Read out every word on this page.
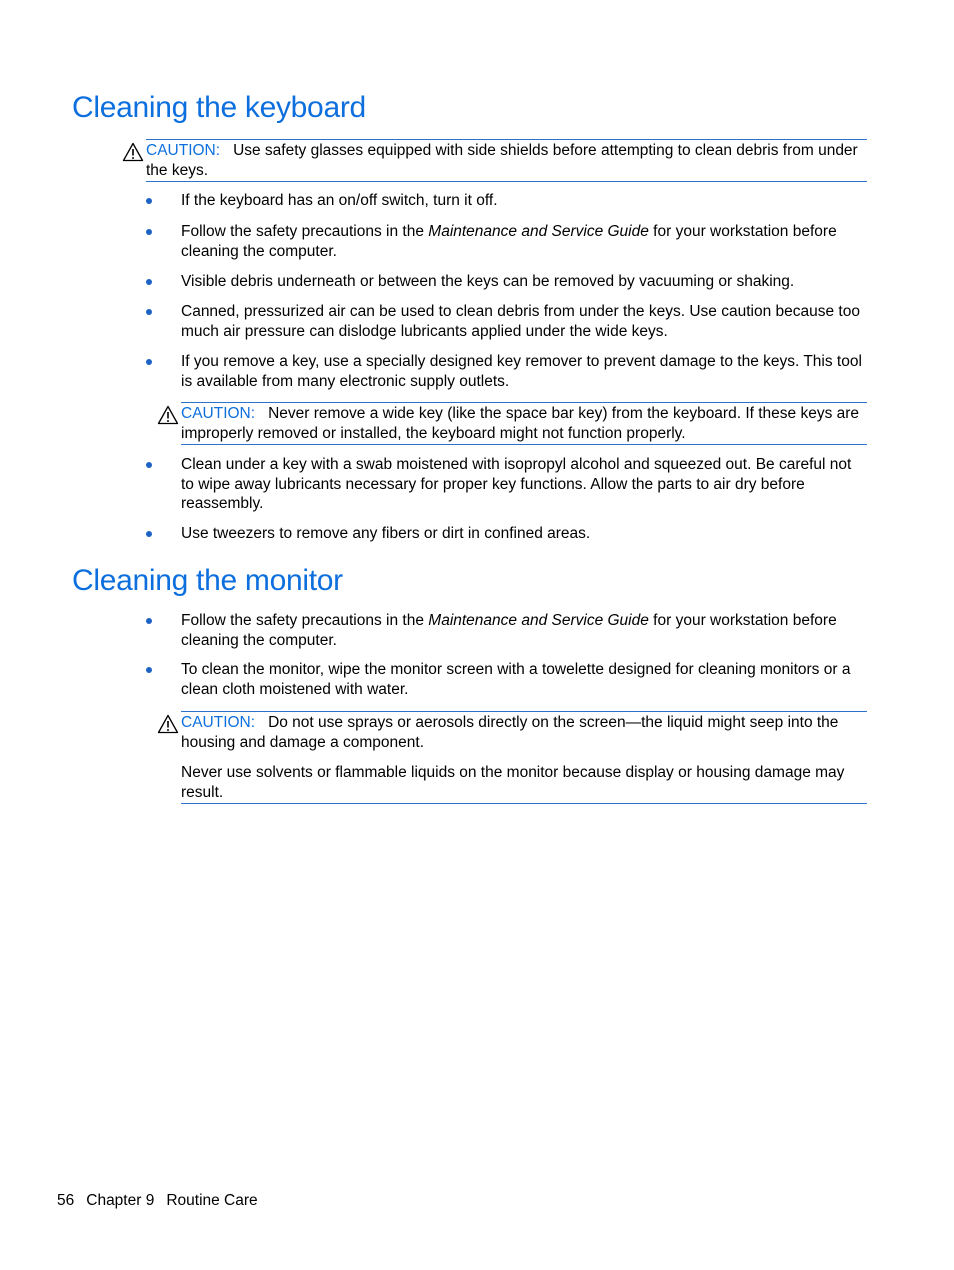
Cleaning the keyboard

CAUTION: Use safety glasses equipped with side shields before attempting to clean debris from under the keys.

If the keyboard has an on/off switch, turn it off.
Follow the safety precautions in the Maintenance and Service Guide for your workstation before cleaning the computer.
Visible debris underneath or between the keys can be removed by vacuuming or shaking.
Canned, pressurized air can be used to clean debris from under the keys. Use caution because too much air pressure can dislodge lubricants applied under the wide keys.
If you remove a key, use a specially designed key remover to prevent damage to the keys. This tool is available from many electronic supply outlets.

CAUTION: Never remove a wide key (like the space bar key) from the keyboard. If these keys are improperly removed or installed, the keyboard might not function properly.

Clean under a key with a swab moistened with isopropyl alcohol and squeezed out. Be careful not to wipe away lubricants necessary for proper key functions. Allow the parts to air dry before reassembly.
Use tweezers to remove any fibers or dirt in confined areas.
Cleaning the monitor
Follow the safety precautions in the Maintenance and Service Guide for your workstation before cleaning the computer.
To clean the monitor, wipe the monitor screen with a towelette designed for cleaning monitors or a clean cloth moistened with water.

CAUTION: Do not use sprays or aerosols directly on the screen—the liquid might seep into the housing and damage a component.

Never use solvents or flammable liquids on the monitor because display or housing damage may result.

56 Chapter 9 Routine Care
